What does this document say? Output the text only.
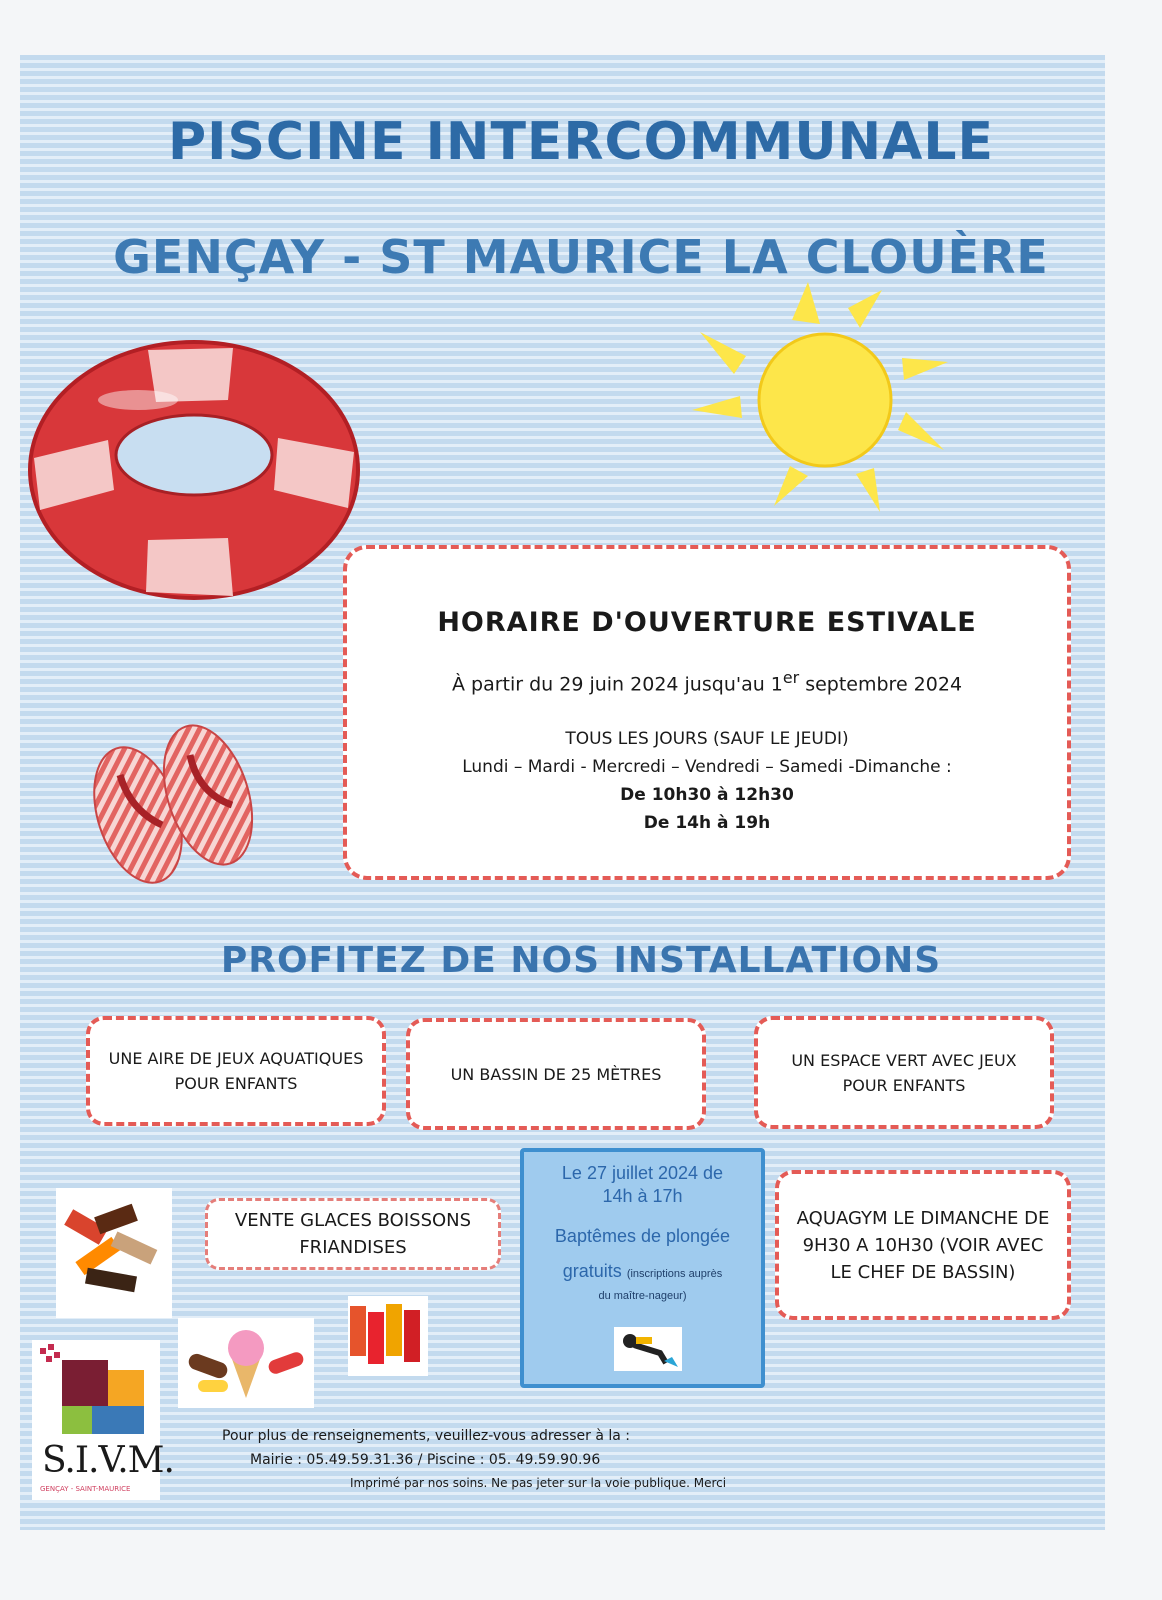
PISCINE INTERCOMMUNALE
GENÇAY - ST MAURICE LA CLOUÈRE
HORAIRE D'OUVERTURE ESTIVALE
À partir du 29 juin 2024 jusqu'au 1er septembre 2024
TOUS LES JOURS (SAUF LE JEUDI)
Lundi – Mardi - Mercredi – Vendredi – Samedi -Dimanche :
De 10h30 à 12h30
De 14h à 19h
PROFITEZ DE NOS INSTALLATIONS
UNE AIRE DE JEUX AQUATIQUES POUR ENFANTS	UN BASSIN DE 25 MÈTRES
UN ESPACE VERT AVEC JEUX POUR ENFANTS
VENTE GLACES BOISSONS FRIANDISES
AQUAGYM LE DIMANCHE DE 9H30 A 10H30 (VOIR AVEC LE CHEF DE BASSIN)
Le 27 juillet 2024 de 14h à 17h
Baptêmes de plongée
gratuits (inscriptions auprès
du maître-nageur)
S.I.V.M.
GENÇAY - SAINT-MAURICE
Pour plus de renseignements, veuillez-vous adresser à la :
Mairie : 05.49.59.31.36 / Piscine : 05. 49.59.90.96
Imprimé par nos soins. Ne pas jeter sur la voie publique. Merci
